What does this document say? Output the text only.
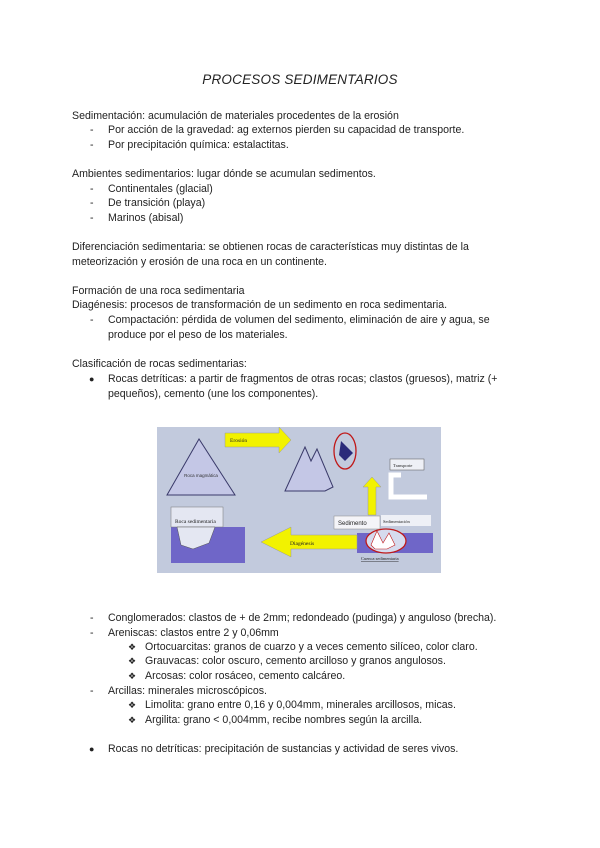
PROCESOS SEDIMENTARIOS
Sedimentación: acumulación de materiales procedentes de la erosión
- Por acción de la gravedad: ag externos pierden su capacidad de transporte.
- Por precipitación química: estalactitas.
Ambientes sedimentarios: lugar dónde se acumulan sedimentos.
- Continentales (glacial)
- De transición (playa)
- Marinos (abisal)
Diferenciación sedimentaria: se obtienen rocas de características muy distintas de la
meteorización y erosión de una roca en un continente.
Formación de una roca sedimentaria
Diagénesis: procesos de transformación de un sedimento en roca sedimentaria.
- Compactación: pérdida de volumen del sedimento, eliminación de aire y agua, se
produce por el peso de los materiales.
Clasificación de rocas sedimentarias:
● Rocas detríticas: a partir de fragmentos de otras rocas; clastos (gruesos), matriz (+
pequeños), cemento (une los componentes).
Roca magmática
Erosión
Transporte
Sedimentación
Sedimento
Cuenca sedimentaria
Diagénesis
Roca sedimentaria
- Conglomerados: clastos de + de 2mm; redondeado (pudinga) y anguloso (brecha).
- Areniscas: clastos entre 2 y 0,06mm
❖ Ortocuarcitas: granos de cuarzo y a veces cemento silíceo, color claro.
❖ Grauvacas: color oscuro, cemento arcilloso y granos angulosos.
❖ Arcosas: color rosáceo, cemento calcáreo.
- Arcillas: minerales microscópicos.
❖ Limolita: grano entre 0,16 y 0,004mm, minerales arcillosos, micas.
❖ Argilita: grano < 0,004mm, recibe nombres según la arcilla.
● Rocas no detríticas: precipitación de sustancias y actividad de seres vivos.
